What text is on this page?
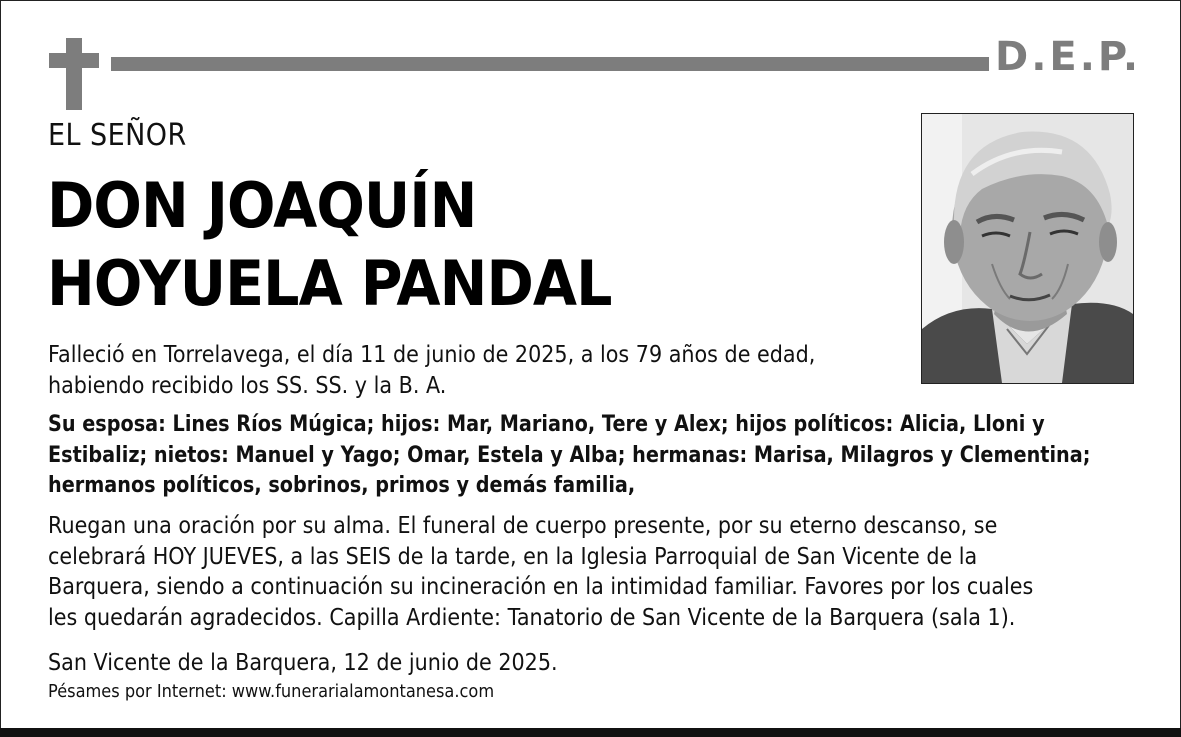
D.E.P.
EL SEÑOR
DON JOAQUÍN
HOYUELA PANDAL
Falleció en Torrelavega, el día 11 de junio de 2025, a los 79 años de edad,
habiendo recibido los SS. SS. y la B. A.
Su esposa: Lines Ríos Múgica; hijos: Mar, Mariano, Tere y Alex; hijos políticos: Alicia, Lloni y
Estibaliz; nietos: Manuel y Yago; Omar, Estela y Alba; hermanas: Marisa, Milagros y Clementina;
hermanos políticos, sobrinos, primos y demás familia,
Ruegan una oración por su alma. El funeral de cuerpo presente, por su eterno descanso, se
celebrará HOY JUEVES, a las SEIS de la tarde, en la Iglesia Parroquial de San Vicente de la
Barquera, siendo a continuación su incineración en la intimidad familiar. Favores por los cuales
les quedarán agradecidos. Capilla Ardiente: Tanatorio de San Vicente de la Barquera (sala 1).
San Vicente de la Barquera, 12 de junio de 2025.
Pésames por Internet: www.funerarialamontanesa.com
